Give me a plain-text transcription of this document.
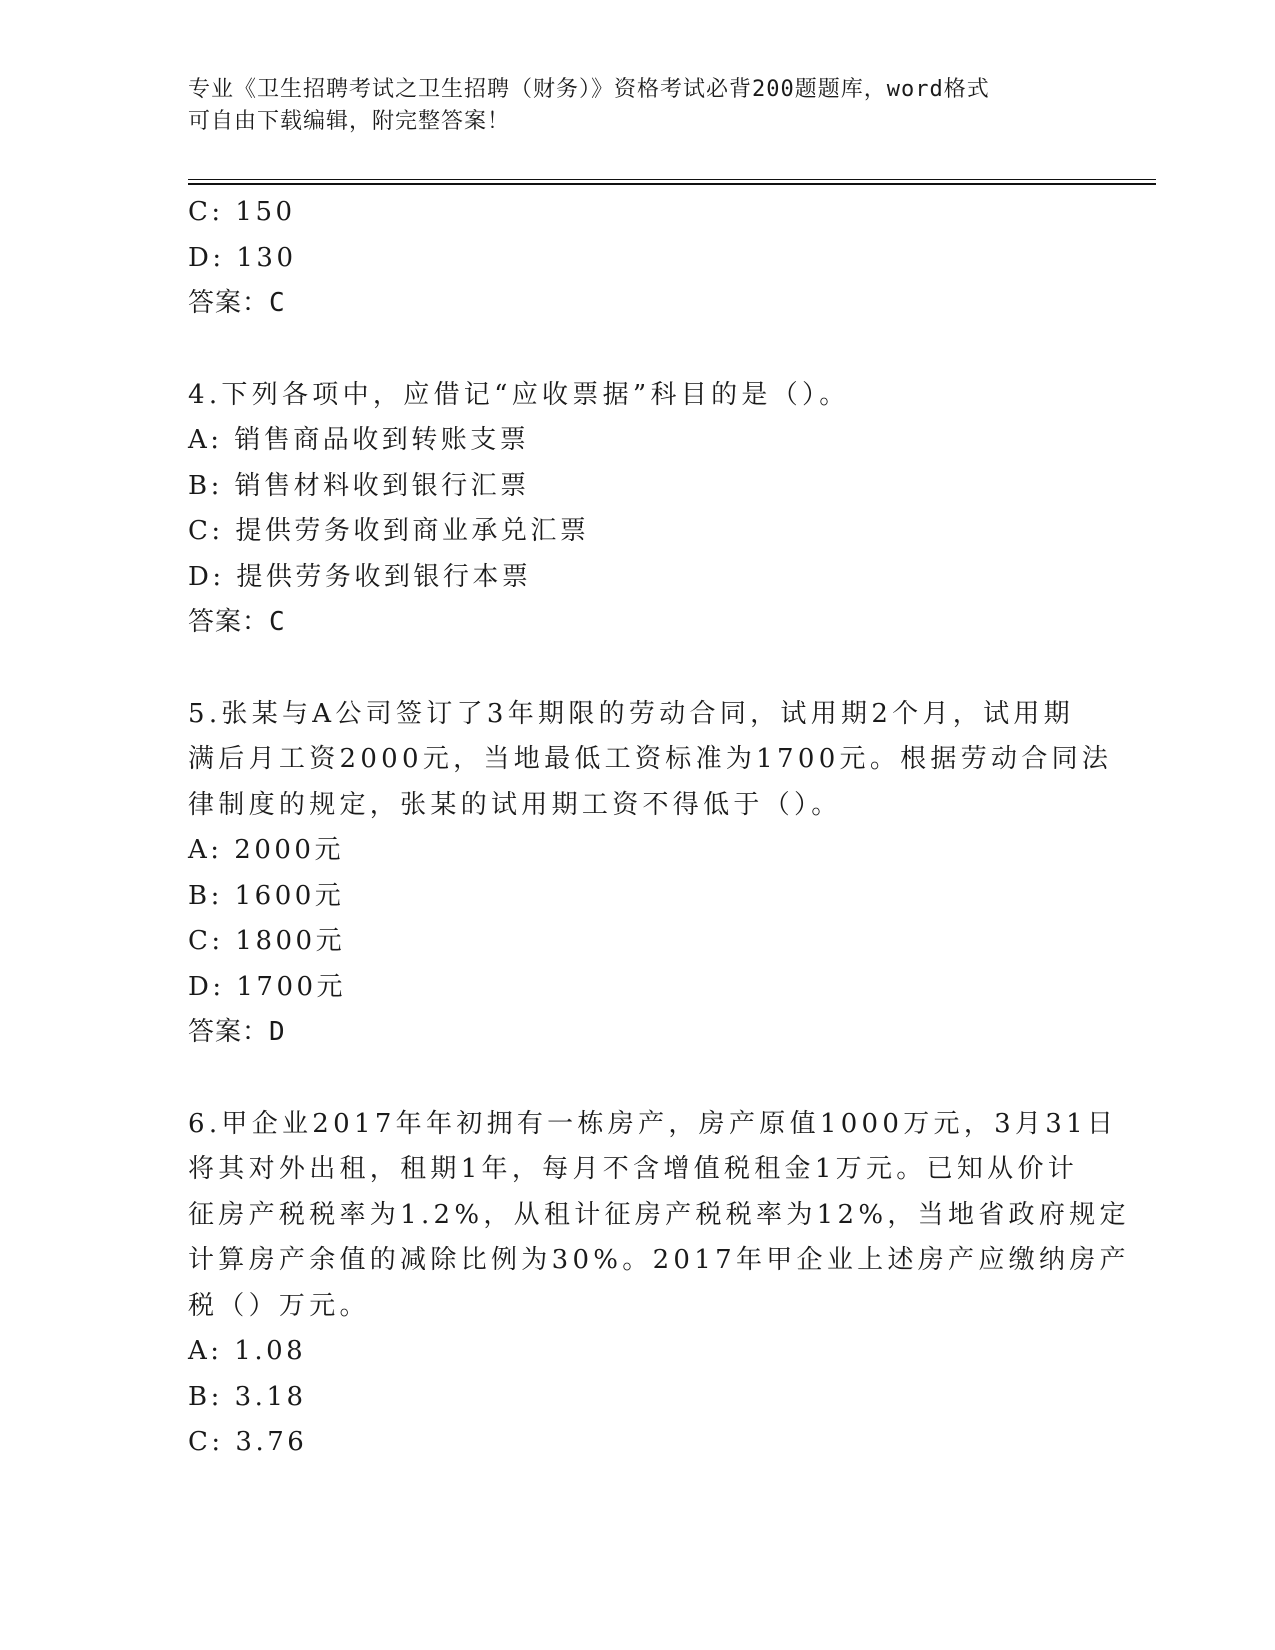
专业《卫生招聘考试之卫生招聘（财务）》资格考试必背200题题库，word格式
可自由下载编辑，附完整答案！
C: 150
D: 130
答案：C
4.下列各项中，应借记“应收票据”科目的是（）。
A: 销售商品收到转账支票
B: 销售材料收到银行汇票
C: 提供劳务收到商业承兑汇票
D: 提供劳务收到银行本票
答案：C
5.张某与A公司签订了3年期限的劳动合同，试用期2个月，试用期
满后月工资2000元，当地最低工资标准为1700元。根据劳动合同法
律制度的规定，张某的试用期工资不得低于（）。
A: 2000元
B: 1600元
C: 1800元
D: 1700元
答案：D
6.甲企业2017年年初拥有一栋房产，房产原值1000万元，3月31日
将其对外出租，租期1年，每月不含增值税租金1万元。已知从价计
征房产税税率为1.2%，从租计征房产税税率为12%，当地省政府规定
计算房产余值的减除比例为30%。2017年甲企业上述房产应缴纳房产
税（）万元。
A: 1.08
B: 3.18
C: 3.76
